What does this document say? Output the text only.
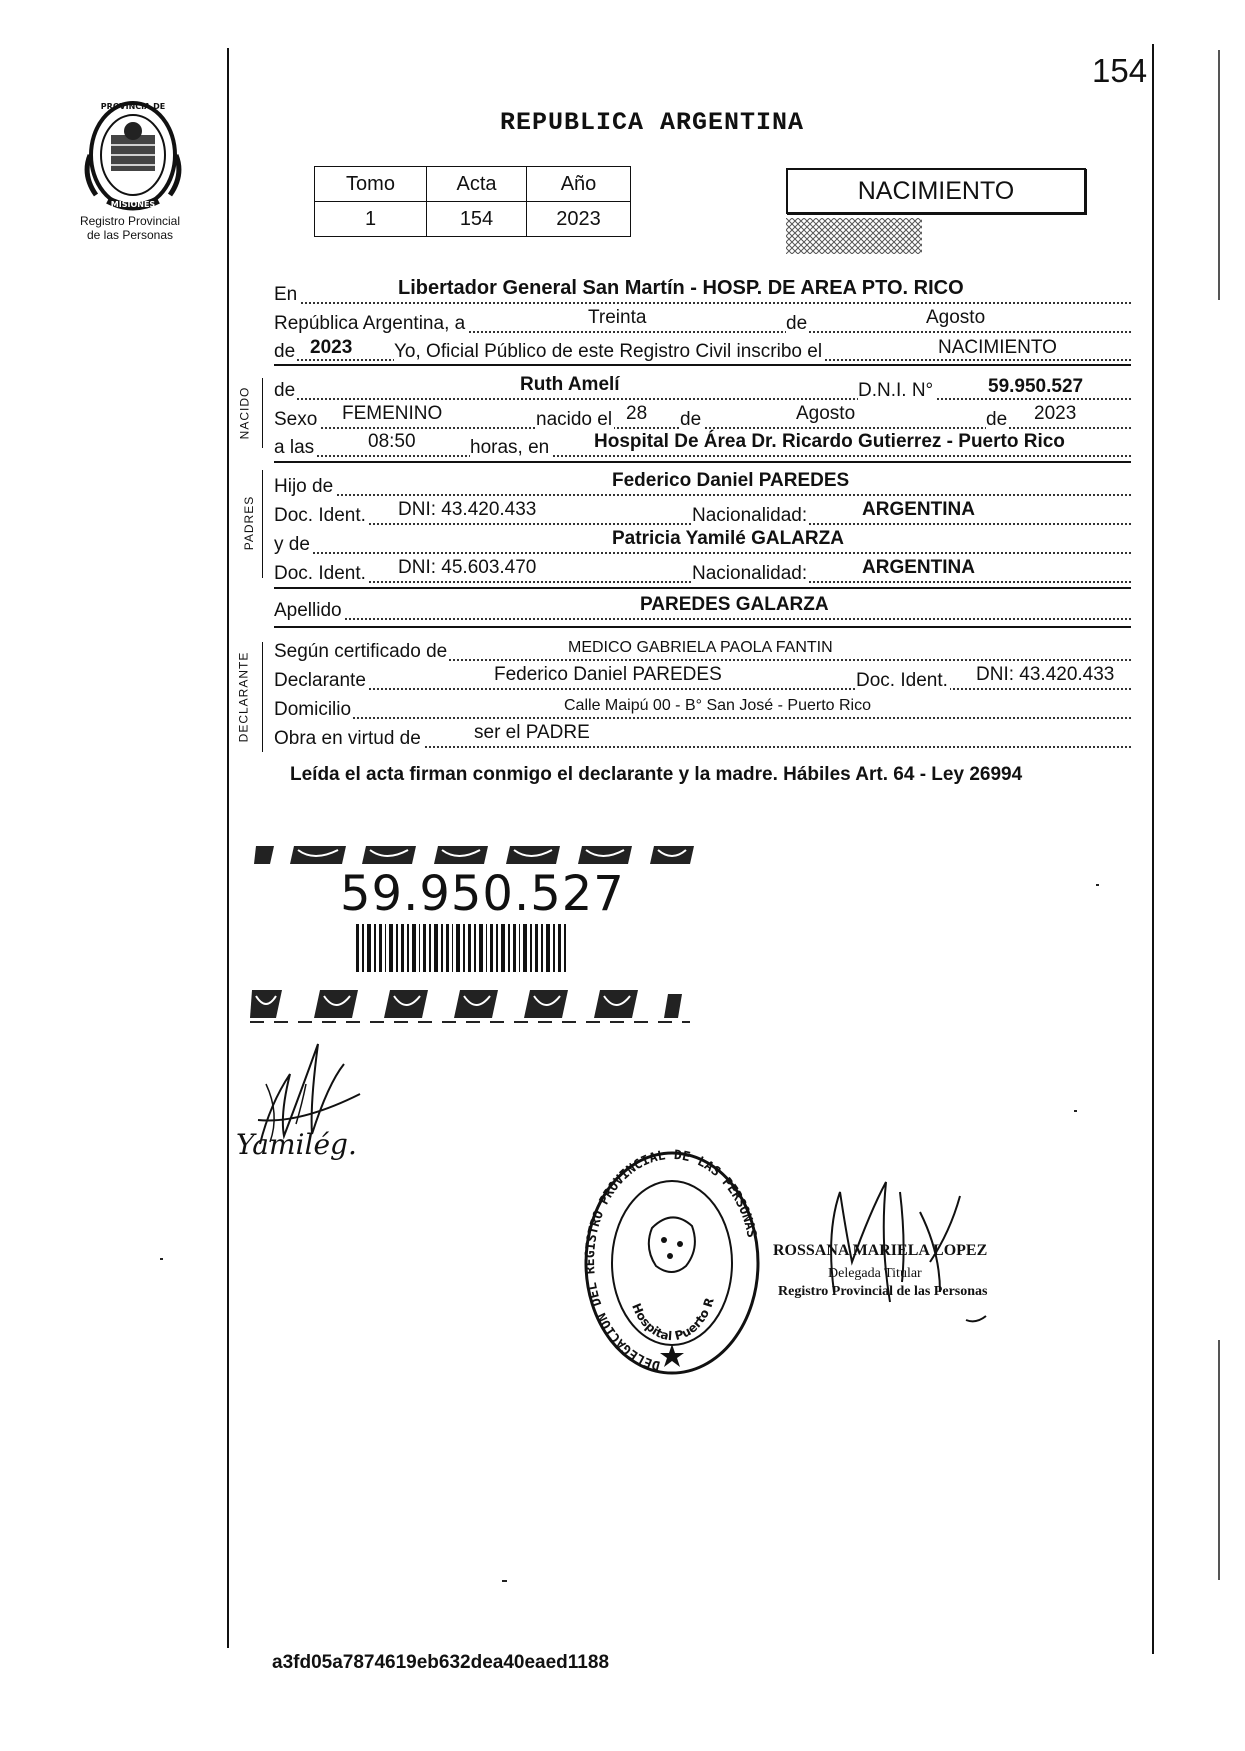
PROVINCIA DE
MISIONES
Registro Provincial
de las Personas
154
REPUBLICA ARGENTINA
Tomo	Acta	Año
1	154	2023
NACIMIENTO
En	Libertador General San Martín - HOSP. DE AREA PTO. RICO
República Argentina, a	Treinta	de	Agosto
de 2023 Yo, Oficial Público de este Registro Civil inscribo el	NACIMIENTO
NACIDO de	Ruth Amelí	D.N.I. N°	59.950.527
Sexo FEMENINO	nacido el 28 de	Agosto	de 2023
a las	08:50	horas, en Hospital De Área Dr. Ricardo Gutierrez - Puerto Rico
PADRES
Hijo de	Federico Daniel PAREDES
Doc. Ident. DNI: 43.420.433	Nacionalidad:	ARGENTINA
y de	Patricia Yamilé GALARZA
Doc. Ident. DNI: 45.603.470	Nacionalidad:	ARGENTINA
Apellido	PAREDES GALARZA
DECLARANTE
Según certificado de	MEDICO GABRIELA PAOLA FANTIN
Declarante	Federico Daniel PAREDES	Doc. Ident. DNI: 43.420.433
Domicilio	Calle Maipú 00 - B° San José - Puerto Rico
Obra en virtud de	ser el PADRE
Leída el acta firman conmigo el declarante y la madre. Hábiles Art. 64 - Ley 26994
59.950.527
Yamilég.
DELEGACION DEL REGISTRO PROVINCIAL DE LAS PERSONAS
Hospital Puerto R
ROSSANA MARIELA LOPEZ
Delegada Titular
Registro Provincial de las Personas
a3fd05a7874619eb632dea40eaed1188
